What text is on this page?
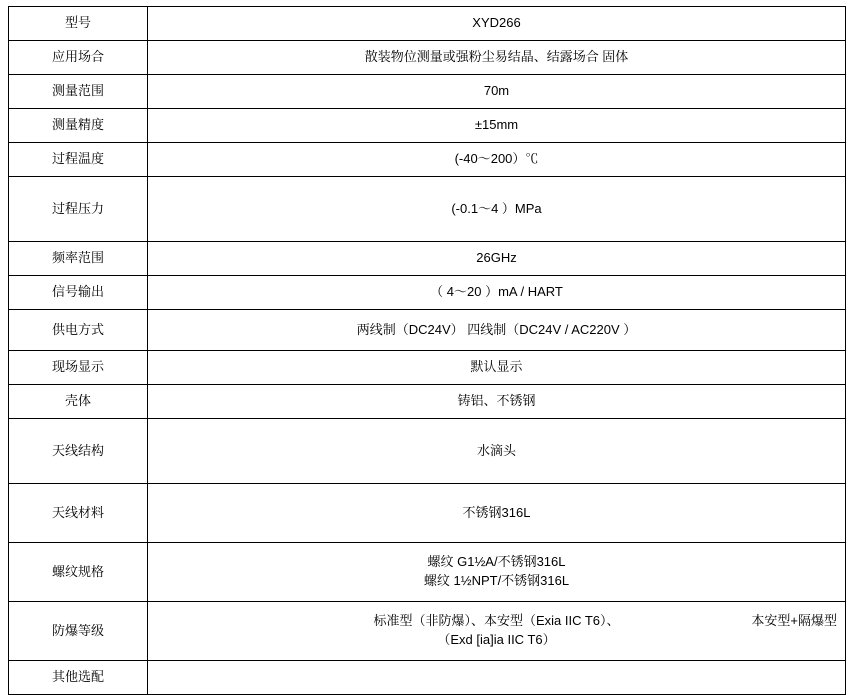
型号	XYD266
应用场合	散装物位测量或强粉尘易结晶、结露场合 固体
测量范围	70m
测量精度	±15mm
过程温度	(-40～200）℃
过程压力	(-0.1～4 ）MPa
频率范围	26GHz
信号输出	（ 4～20 ）mA / HART
供电方式	两线制（DC24V） 四线制（DC24V / AC220V ）
现场显示	默认显示
壳体	铸铝、不锈钢
天线结构	水滴头
天线材料	不锈钢316L
螺纹规格	螺纹 G1½A/不锈钢316L
螺纹 1½NPT/不锈钢316L

防爆等级	标准型（非防爆）、本安型（Exia IIC T6）、 本安型+隔爆型
（Exd [ia]ia IIC T6）

其他选配	
